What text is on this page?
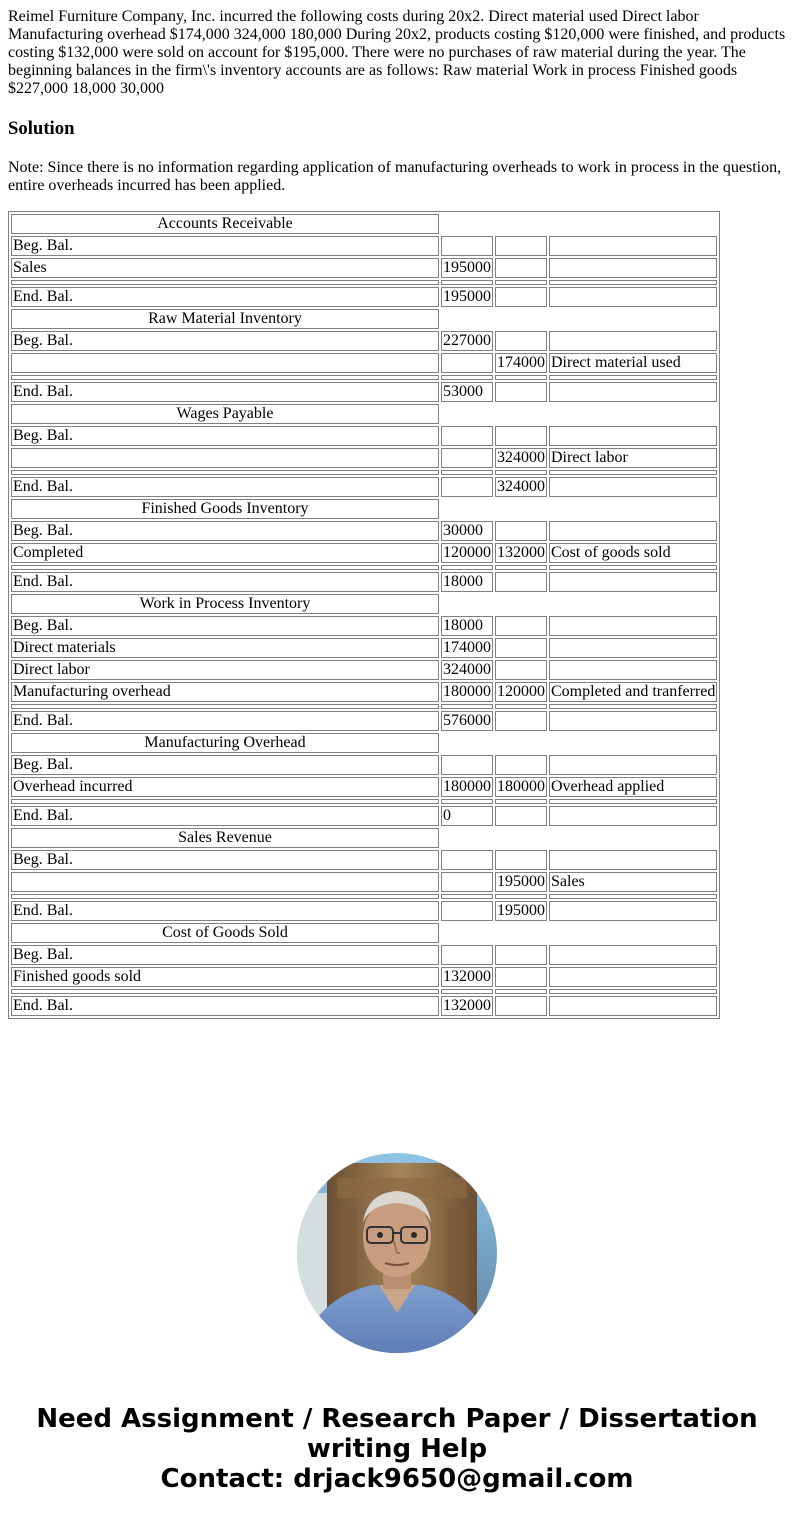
Reimel Furniture Company, Inc. incurred the following costs during 20x2. Direct material used Direct labor Manufacturing overhead $174,000 324,000 180,000 During 20x2, products costing $120,000 were finished, and products costing $132,000 were sold on account for $195,000. There were no purchases of raw material during the year. The beginning balances in the firm\'s inventory accounts are as follows: Raw material Work in process Finished goods $227,000 18,000 30,000

Solution

Note: Since there is no information regarding application of manufacturing overheads to work in process in the question, entire overheads incurred has been applied.

Accounts Receivable			
Beg. Bal.			
Sales	195000		

End. Bal.	195000		
Raw Material Inventory			
Beg. Bal.	227000		
		174000	Direct material used

End. Bal.	53000		
Wages Payable			
Beg. Bal.			
		324000	Direct labor

End. Bal.		324000	
Finished Goods Inventory			
Beg. Bal.	30000		
Completed	120000	132000	Cost of goods sold

End. Bal.	18000		
Work in Process Inventory			
Beg. Bal.	18000		
Direct materials	174000		
Direct labor	324000		
Manufacturing overhead	180000	120000	Completed and tranferred

End. Bal.	576000		
Manufacturing Overhead			
Beg. Bal.			
Overhead incurred	180000	180000	Overhead applied

End. Bal.	0		
Sales Revenue			
Beg. Bal.			
		195000	Sales

End. Bal.		195000	
Cost of Goods Sold			
Beg. Bal.			
Finished goods sold	132000		

End. Bal.	132000		
Need Assignment / Research Paper / Dissertation
writing Help
Contact: drjack9650@gmail.com
